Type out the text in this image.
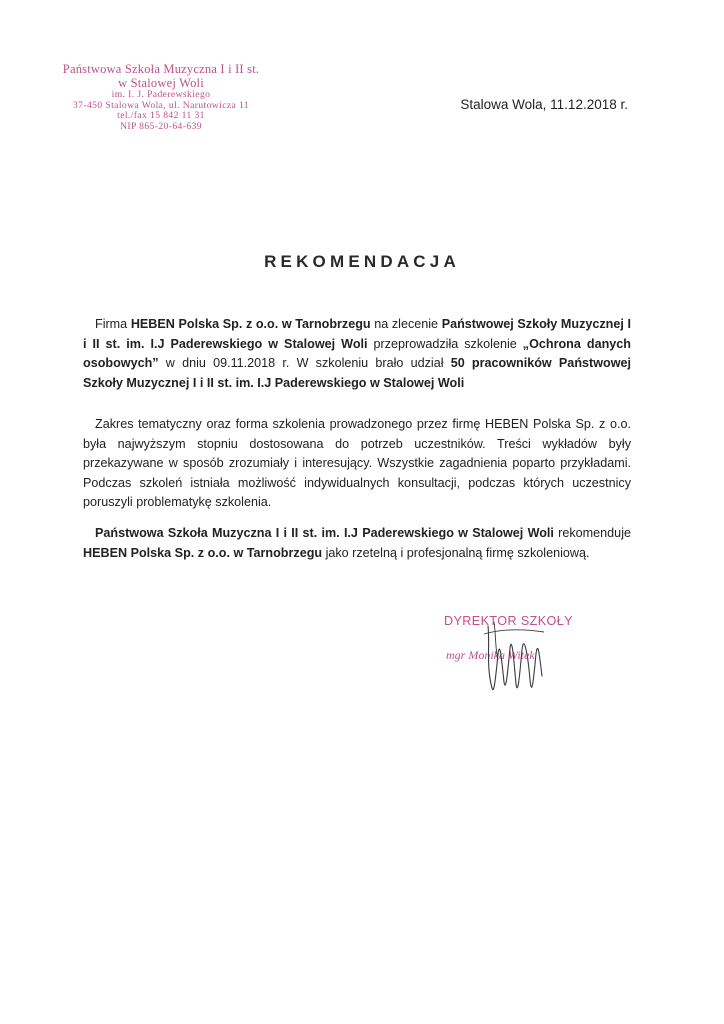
Państwowa Szkoła Muzyczna I i II st.
w Stalowej Woli
im. I. J. Paderewskiego
37-450 Stalowa Wola, ul. Narutowicza 11
tel./fax 15 842 11 31
NIP 865-20-64-639
Stalowa Wola, 11.12.2018 r.
REKOMENDACJA
Firma HEBEN Polska Sp. z o.o. w Tarnobrzegu na zlecenie Państwowej Szkoły Muzycznej I i II st. im. I.J Paderewskiego w Stalowej Woli przeprowadziła szkolenie „Ochrona danych osobowych” w dniu 09.11.2018 r. W szkoleniu brało udział 50 pracowników Państwowej Szkoły Muzycznej I i II st. im. I.J Paderewskiego w Stalowej Woli
Zakres tematyczny oraz forma szkolenia prowadzonego przez firmę HEBEN Polska Sp. z o.o. była najwyższym stopniu dostosowana do potrzeb uczestników. Treści wykładów były przekazywane w sposób zrozumiały i interesujący. Wszystkie zagadnienia poparto przykładami. Podczas szkoleń istniała możliwość indywidualnych konsultacji, podczas których uczestnicy poruszyli problematykę szkolenia.
Państwowa Szkoła Muzyczna I i II st. im. I.J Paderewskiego w Stalowej Woli rekomenduje HEBEN Polska Sp. z o.o. w Tarnobrzegu jako rzetelną i profesjonalną firmę szkoleniową.
DYREKTOR SZKOŁY
mgr Monika Witek
